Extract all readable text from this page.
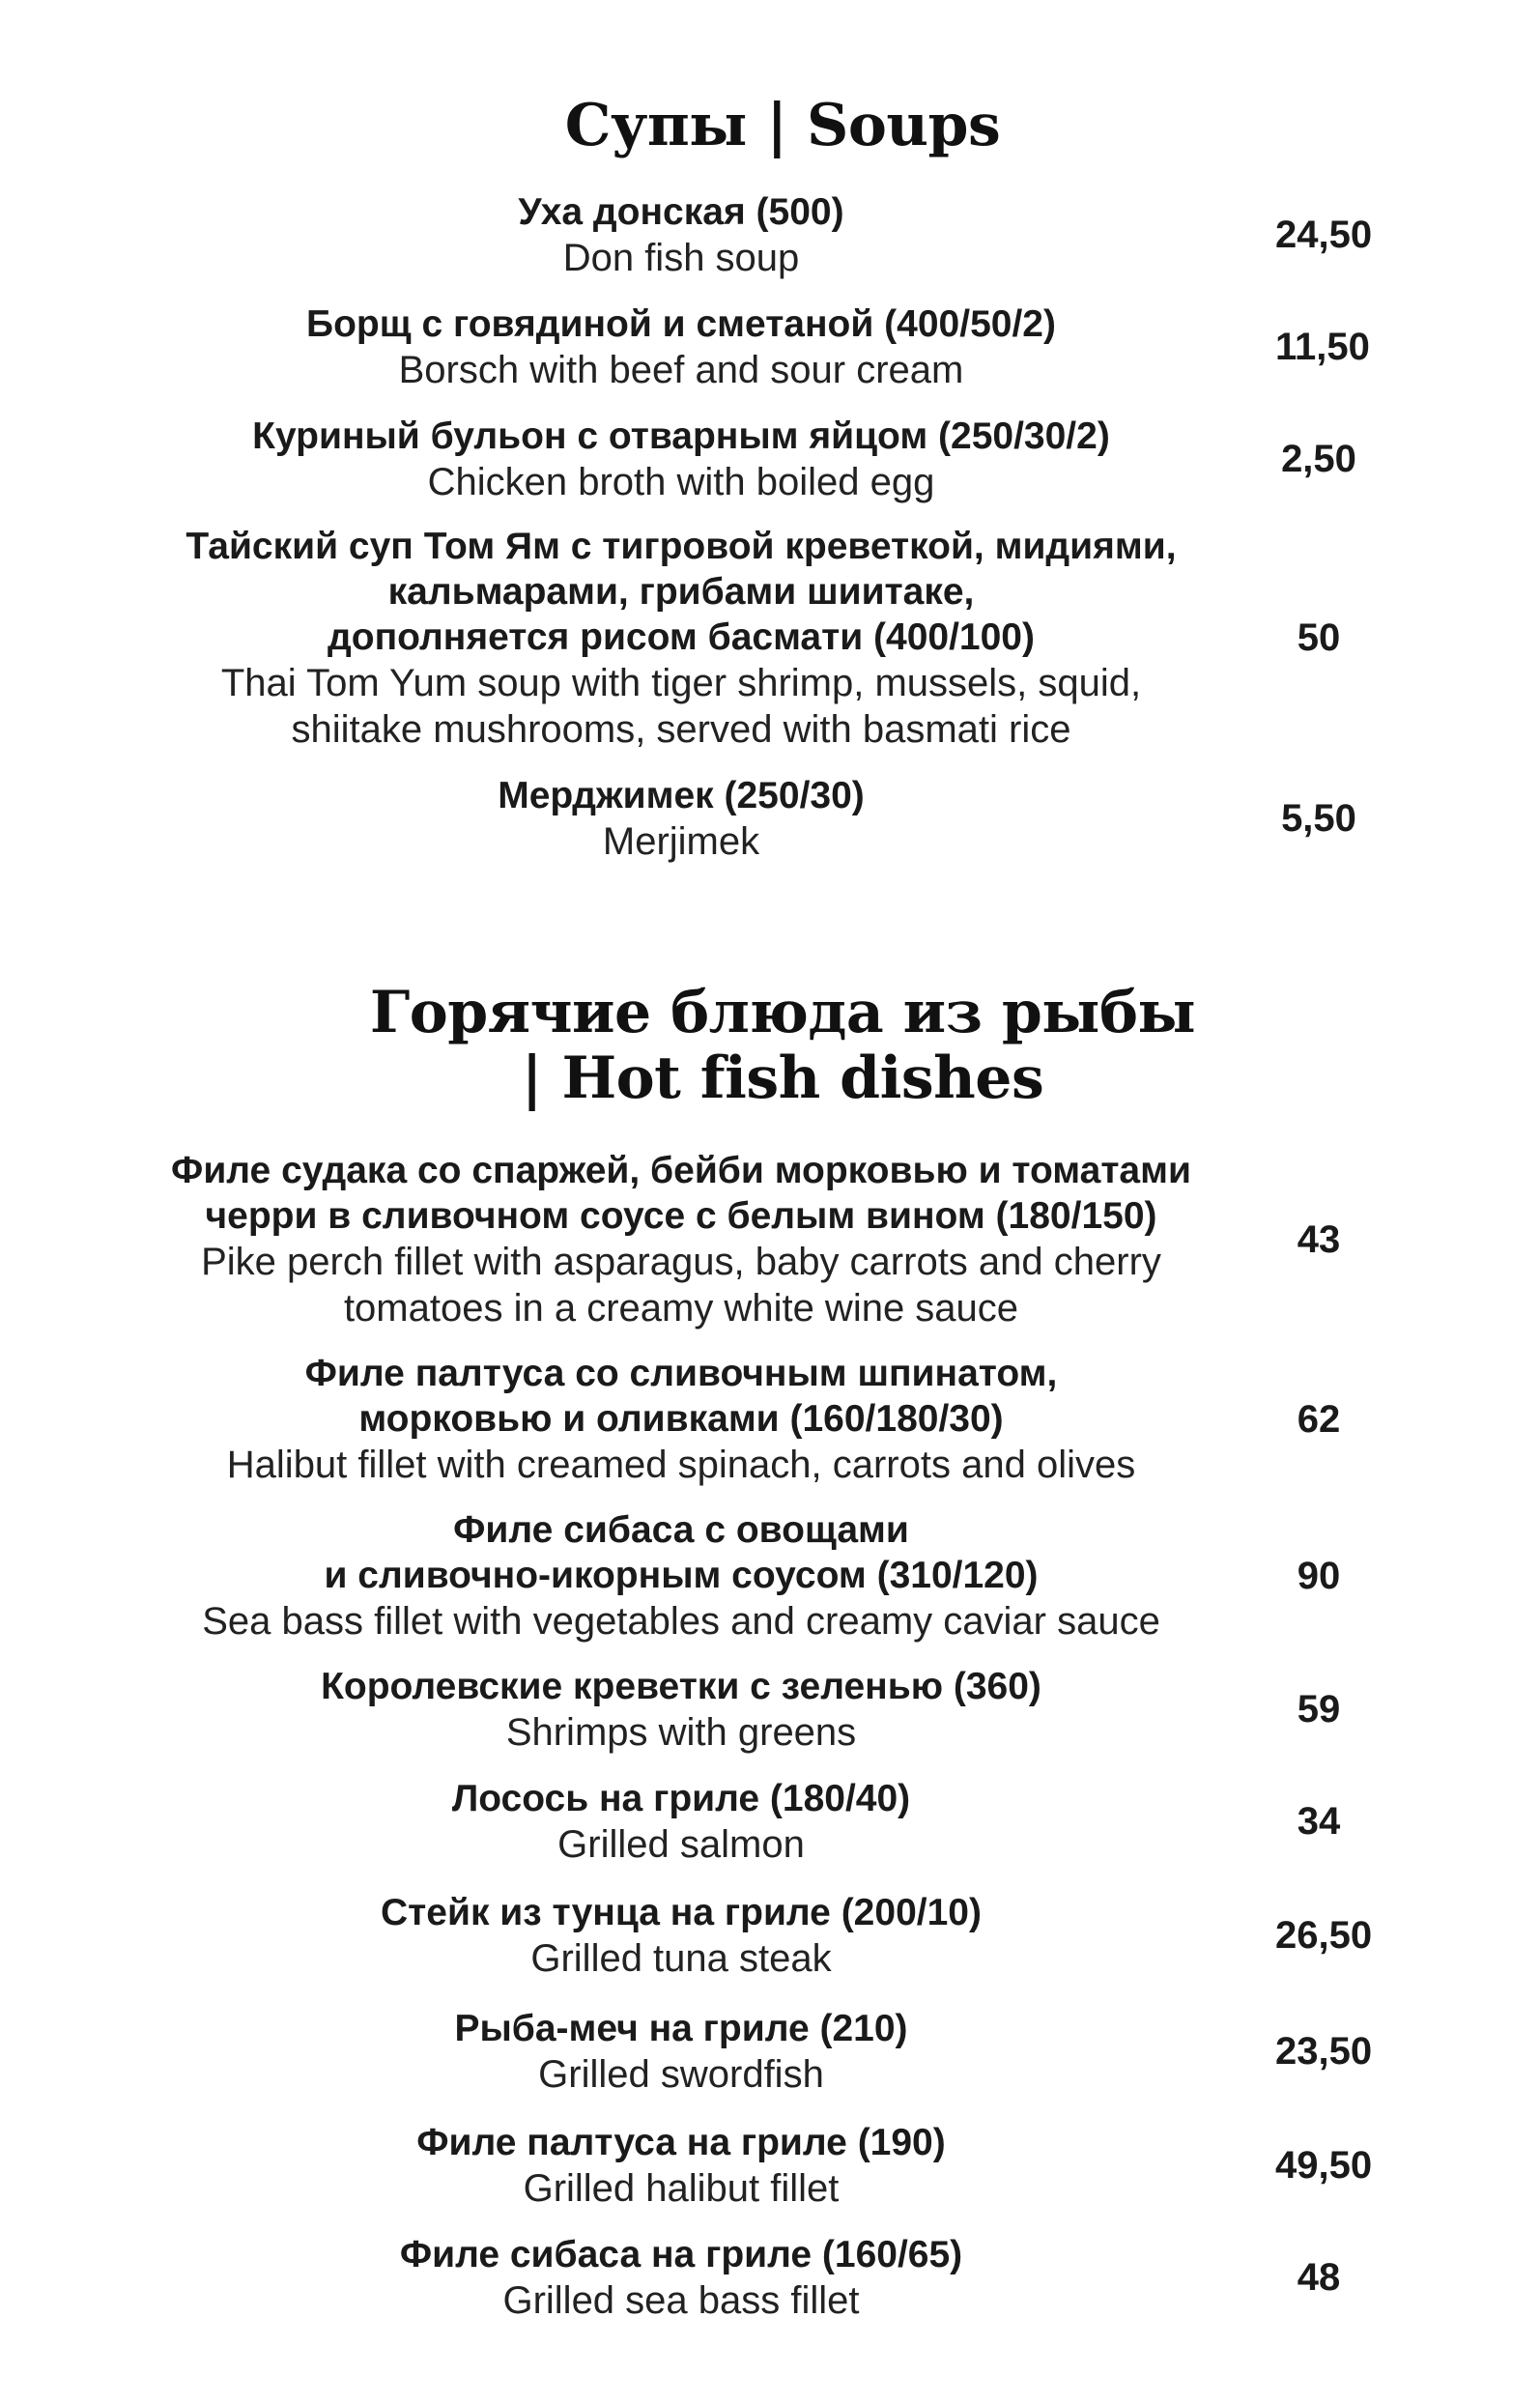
Супы | Soups
Уха донская (500)
Don fish soup
24,50
Борщ с говядиной и сметаной (400/50/2)
Borsch with beef and sour cream
11,50
Куриный бульон с отварным яйцом (250/30/2)
Chicken broth with boiled egg
2,50
Тайский суп Том Ям с тигровой креветкой, мидиями,
кальмарами, грибами шиитаке,
дополняется рисом басмати (400/100)
Thai Tom Yum soup with tiger shrimp, mussels, squid,
shiitake mushrooms, served with basmati rice
50
Мерджимек (250/30)
Merjimek
5,50
Горячие блюда из рыбы
| Hot fish dishes
Филе судака со спаржей, бейби морковью и томатами
черри в сливочном соусе с белым вином (180/150)
Pike perch fillet with asparagus, baby carrots and cherry
tomatoes in a creamy white wine sauce
43
Филе палтуса со сливочным шпинатом,
морковью и оливками (160/180/30)
Halibut fillet with creamed spinach, carrots and olives
62
Филе сибаса с овощами
и сливочно-икорным соусом (310/120)
Sea bass fillet with vegetables and creamy caviar sauce
90
Королевские креветки с зеленью (360)
Shrimps with greens
59
Лосось на гриле (180/40)
Grilled salmon
34
Стейк из тунца на гриле (200/10)
Grilled tuna steak
26,50
Рыба-меч на гриле (210)
Grilled swordfish
23,50
Филе палтуса на гриле (190)
Grilled halibut fillet
49,50
Филе сибаса на гриле (160/65)
Grilled sea bass fillet
48
